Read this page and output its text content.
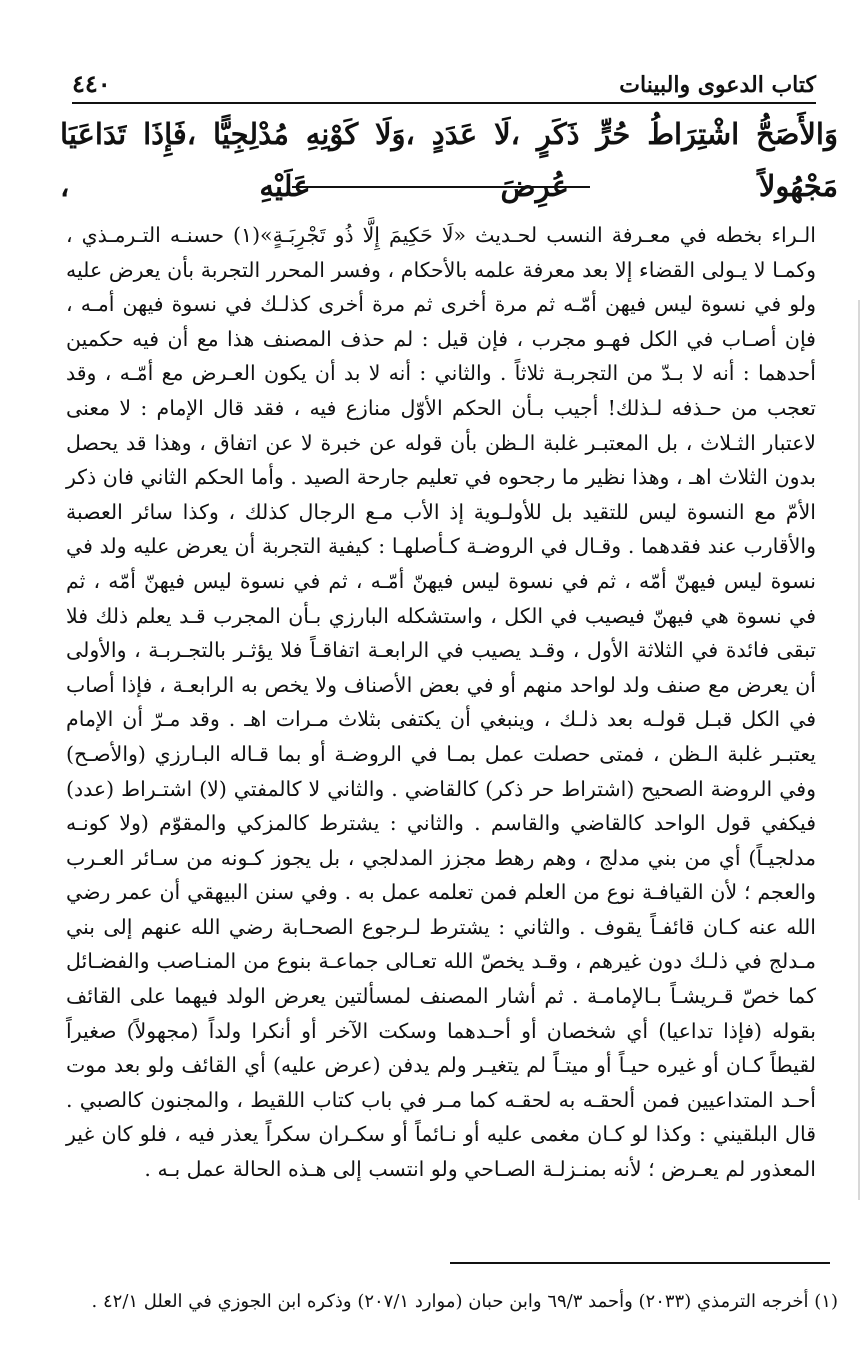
كتاب الدعوى والبينات
٤٤٠
وَالأَصَحُّ اشْتِرَاطُ حُرٍّ ذَكَرٍ ،لَا عَدَدٍ ،وَلَا كَوْنِهِ مُدْلِجِيًّا ،فَإِذَا تَدَاعَيَا مَجْهُولاً عُرِضَ عَلَيْهِ ،

الـراء بخطه في معـرفة النسب لحـديث «لَا حَكِيمَ إِلَّا ذُو تَجْرِبَـةٍ»(١) حسنـه التـرمـذي ، وكمـا لا يـولى القضاء إلا بعد معرفة علمه بالأحكام ، وفسر المحرر التجربة بأن يعرض عليه ولو في نسوة ليس فيهن أمّـه ثم مرة أخرى ثم مرة أخرى كذلـك في نسوة فيهن أمـه ، فإن أصـاب في الكل فهـو مجرب ، فإن قيل : لم حذف المصنف هذا مع أن فيه حكمين أحدهما : أنه لا بـدّ من التجربـة ثلاثاً . والثاني : أنه لا بد أن يكون العـرض مع أمّـه ، وقد تعجب من حـذفه لـذلك! أجيب بـأن الحكم الأوّل منازع فيه ، فقد قال الإمام : لا معنى لاعتبار الثـلاث ، بل المعتبـر غلبة الـظن بأن قوله عن خبرة لا عن اتفاق ، وهذا قد يحصل بدون الثلاث اهـ ، وهذا نظير ما رجحوه في تعليم جارحة الصيد . وأما الحكم الثاني فان ذكر الأمّ مع النسوة ليس للتقيد بل للأولـوية إذ الأب مـع الرجال كذلك ، وكذا سائر العصبة والأقارب عند فقدهما . وقـال في الروضـة كـأصلهـا : كيفية التجربة أن يعرض عليه ولد في نسوة ليس فيهنّ أمّه ، ثم في نسوة ليس فيهنّ أمّـه ، ثم في نسوة ليس فيهنّ أمّه ، ثم في نسوة هي فيهنّ فيصيب في الكل ، واستشكله البارزي بـأن المجرب قـد يعلم ذلك فلا تبقى فائدة في الثلاثة الأول ، وقـد يصيب في الرابعـة اتفاقـاً فلا يؤثـر بالتجـربـة ، والأولى أن يعرض مع صنف ولد لواحد منهم أو في بعض الأصناف ولا يخص به الرابعـة ، فإذا أصاب في الكل قبـل قولـه بعد ذلـك ، وينبغي أن يكتفى بثلاث مـرات اهـ . وقد مـرّ أن الإمام يعتبـر غلبة الـظن ، فمتى حصلت عمل بمـا في الروضـة أو بما قـاله البـارزي (والأصـح) وفي الروضة الصحيح (اشتراط حر ذكر) كالقاضي . والثاني لا كالمفتي (لا) اشتـراط (عدد) فيكفي قول الواحد كالقاضي والقاسم . والثاني : يشترط كالمزكي والمقوّم (ولا كونـه مدلجيـاً) أي من بني مدلج ، وهم رهط مجزز المدلجي ، بل يجوز كـونه من سـائر العـرب والعجم ؛ لأن القيافـة نوع من العلم فمن تعلمه عمل به . وفي سنن البيهقي أن عمر رضي الله عنه كـان قائفـاً يقوف . والثاني : يشترط لـرجوع الصحـابة رضي الله عنهم إلى بني مـدلج في ذلـك دون غيرهم ، وقـد يخصّ الله تعـالى جماعـة بنوع من المنـاصب والفضـائل كما خصّ قـريشـاً بـالإمامـة . ثم أشار المصنف لمسألتين يعرض الولد فيهما على القائف بقوله (فإذا تداعيا) أي شخصان أو أحـدهما وسكت الآخر أو أنكرا ولداً (مجهولاً) صغيراً لقيطاً كـان أو غيره حيـاً أو ميتـاً لم يتغيـر ولم يدفن (عرض عليه) أي القائف ولو بعد موت أحـد المتداعيين فمن ألحقـه به لحقـه كما مـر في باب كتاب اللقيط ، والمجنون كالصبي . قال البلقيني : وكذا لو كـان مغمى عليه أو نـائماً أو سكـران سكراً يعذر فيه ، فلو كان غير المعذور لم يعـرض ؛ لأنه بمنـزلـة الصـاحي ولو انتسب إلى هـذه الحالة عمل بـه .

(١) أخرجه الترمذي (٢٠٣٣) وأحمد ٦٩/٣ وابن حبان (موارد ٢٠٧/١) وذكره ابن الجوزي في العلل ٤٢/١ .
